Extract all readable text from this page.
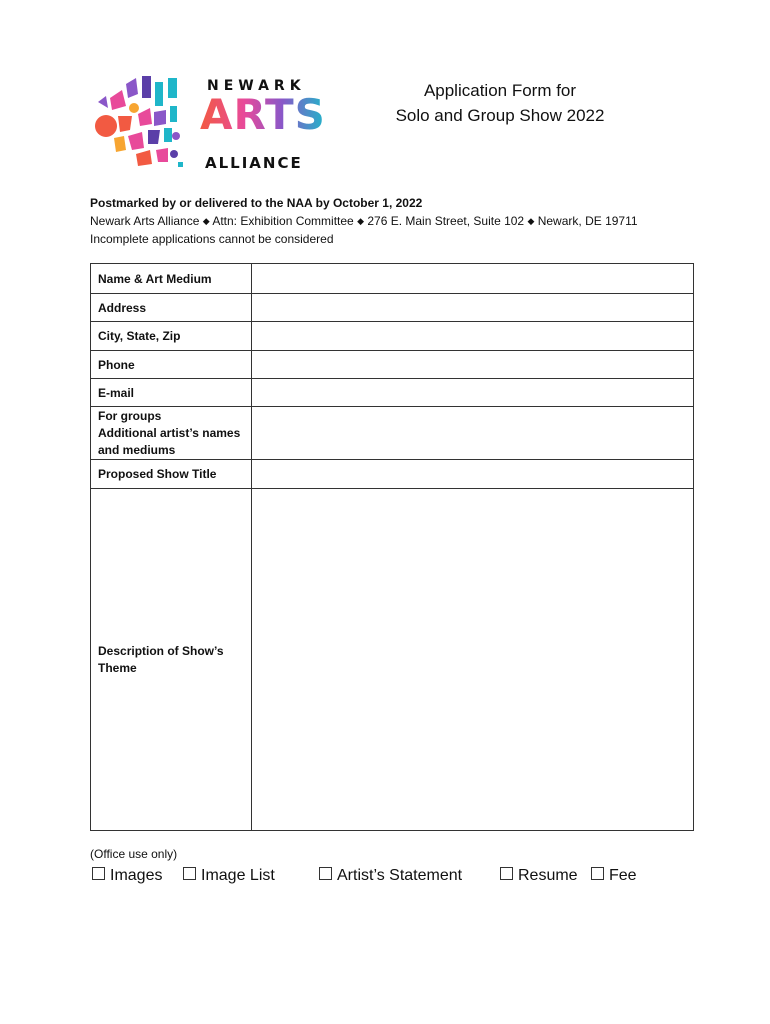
NEWARK
ARTS
ALLIANCE
Application Form for
Solo and Group Show 2022
Postmarked by or delivered to the NAA by October 1, 2022
Newark Arts Alliance ◆ Attn: Exhibition Committee ◆ 276 E. Main Street, Suite 102 ◆ Newark, DE 19711
Incomplete applications cannot be considered
Name & Art Medium	
Address	
City, State, Zip	
Phone	
E-mail	

For groups
Additional artist’s names
and mediums	

Proposed Show Title	

Description of Show’s
Theme	

(Office use only)
Images	Image List	Artist’s Statement	Resume	Fee
